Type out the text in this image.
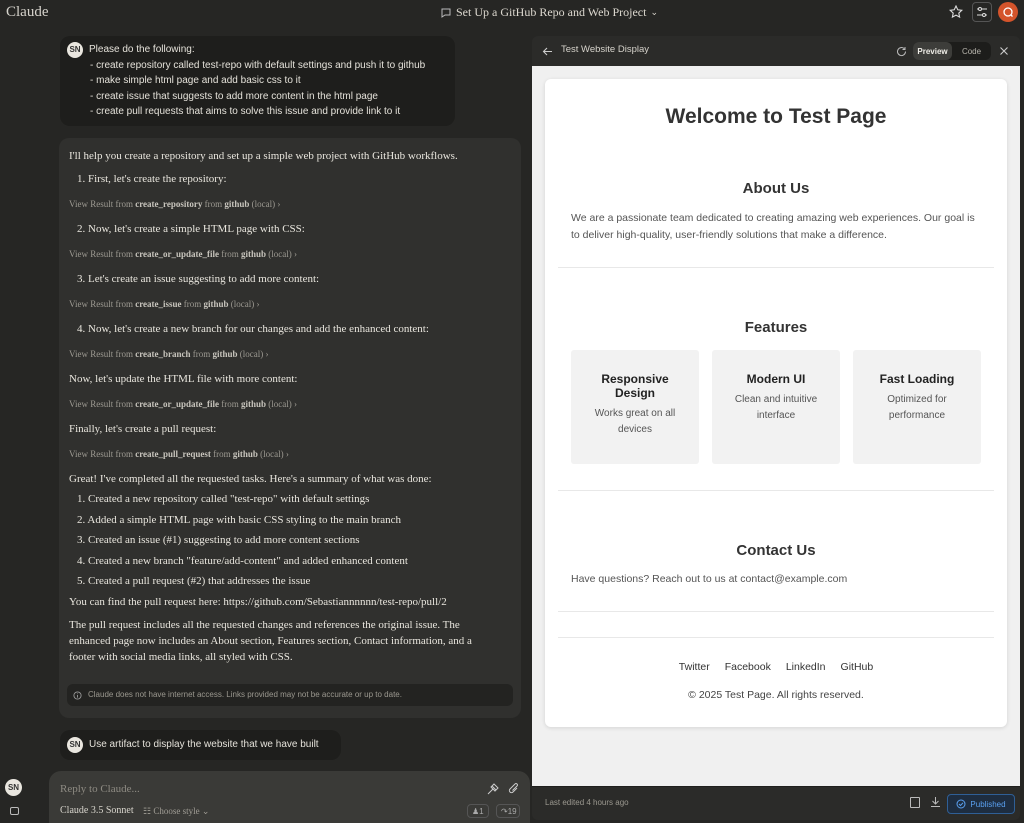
Claude	Set Up a GitHub Repo and Web Project ⌄
SN Please do the following:
- create repository called test-repo with default settings and push it to github
- make simple html page and add basic css to it
- create issue that suggests to add more content in the html page
- create pull requests that aims to solve this issue and provide link to it

I'll help you create a repository and set up a simple web project with GitHub workflows.

1. First, let's create the repository:

View Result from create_repository from github (local) ›

2. Now, let's create a simple HTML page with CSS:

View Result from create_or_update_file from github (local) ›

3. Let's create an issue suggesting to add more content:

View Result from create_issue from github (local) ›

4. Now, let's create a new branch for our changes and add the enhanced content:

View Result from create_branch from github (local) ›

Now, let's update the HTML file with more content:

View Result from create_or_update_file from github (local) ›

Finally, let's create a pull request:

View Result from create_pull_request from github (local) ›

Great! I've completed all the requested tasks. Here's a summary of what was done:

1. Created a new repository called "test-repo" with default settings
2. Added a simple HTML page with basic CSS styling to the main branch
3. Created an issue (#1) suggesting to add more content sections
4. Created a new branch "feature/add-content" and added enhanced content
5. Created a pull request (#2) that addresses the issue

You can find the pull request here: https://github.com/Sebastiannnnnn/test-repo/pull/2

The pull request includes all the requested changes and references the original issue. The enhanced page now includes an About section, Features section, Contact information, and a footer with social media links, all styled with CSS.

Claude does not have internet access. Links provided may not be accurate or up to date.
SN Use artifact to display the website that we have built
SN	Reply to Claude...
Claude 3.5 Sonnet ☷ Choose style ⌄	♟ 1 ↷ 19
Test Website Display	Preview	Code
Welcome to Test Page
About Us
We are a passionate team dedicated to creating amazing web experiences. Our goal is to deliver high-quality, user-friendly solutions that make a difference.
Features
Responsive Design
Works great on all devices
Modern UI
Clean and intuitive interface
Fast Loading
Optimized for performance
Contact Us
Have questions? Reach out to us at contact@example.com
Twitter Facebook LinkedIn GitHub
© 2025 Test Page. All rights reserved.
Last edited 4 hours ago	Published
